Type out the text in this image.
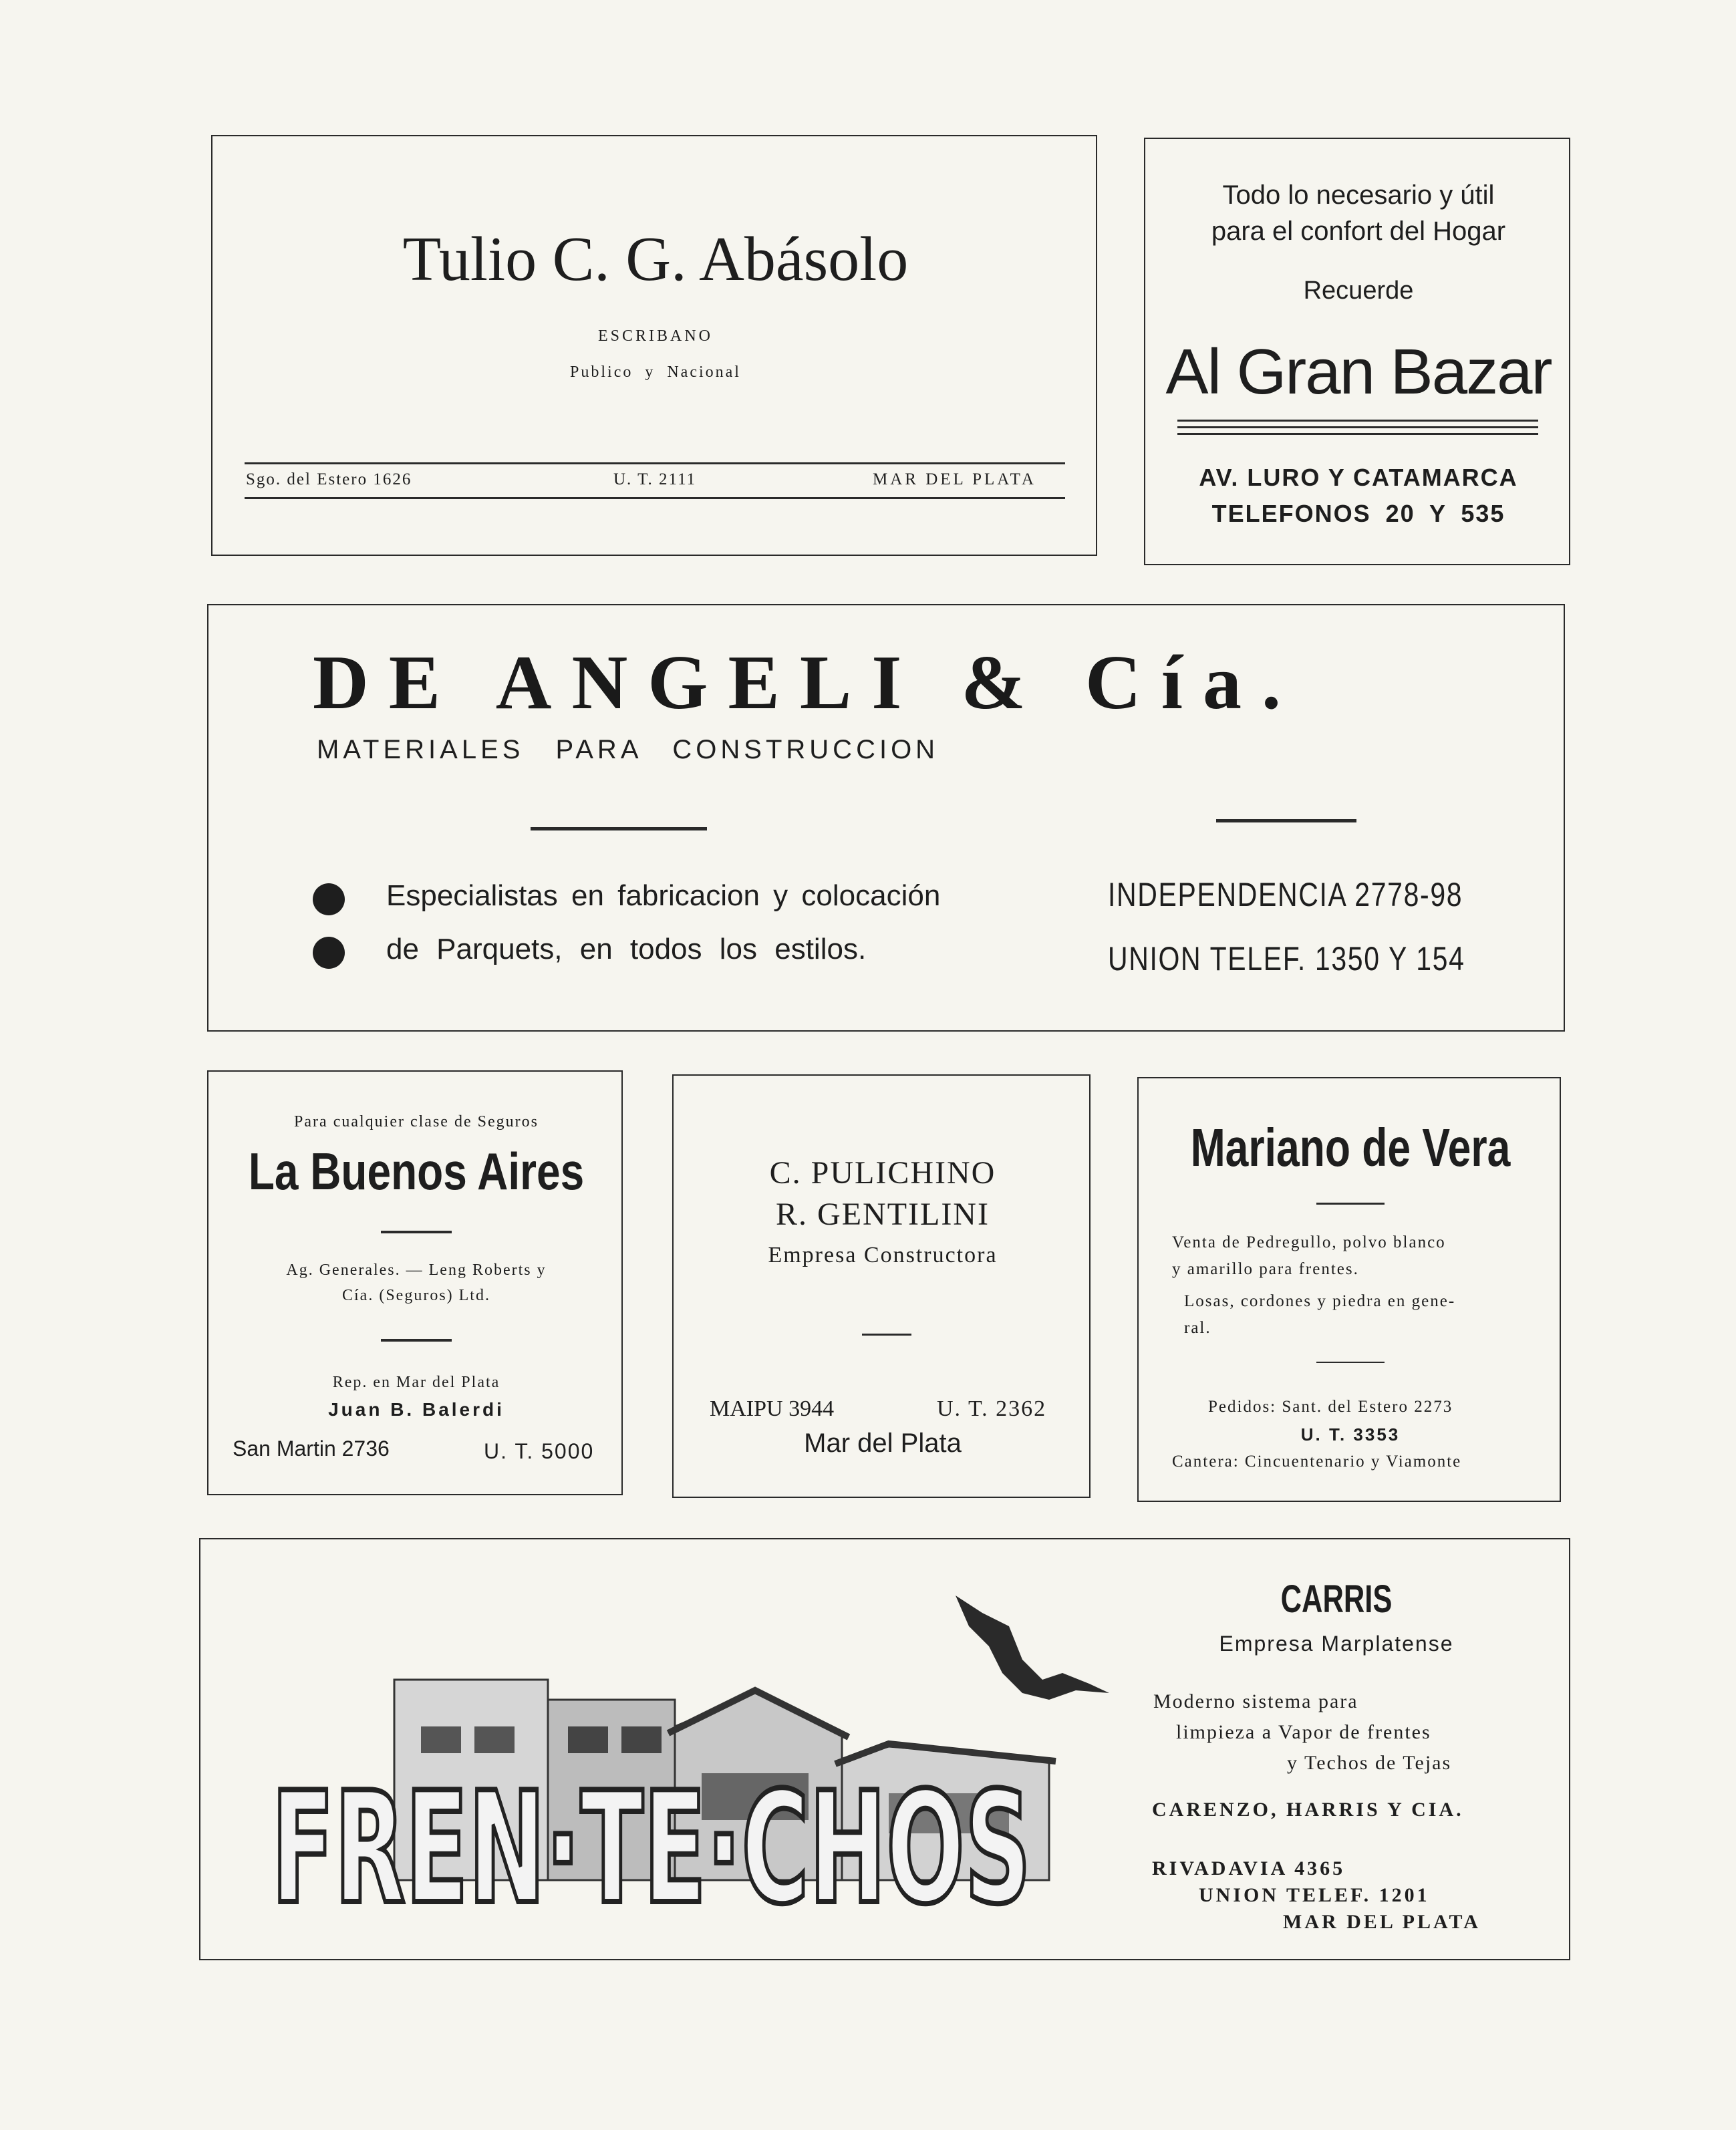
Tulio C. G. Abásolo
ESCRIBANO
Publico  y  Nacional
Sgo. del Estero 1626	U. T. 2111	MAR DEL PLATA
Todo lo necesario y útil
para el confort del Hogar
Recuerde
Al Gran Bazar
AV. LURO Y CATAMARCA
TELEFONOS 20 Y 535
DE ANGELI & Cía.
MATERIALES PARA CONSTRUCCION
Especialistas en fabricacion y colocación
de Parquets, en todos los estilos.
INDEPENDENCIA 2778-98
UNION TELEF. 1350 Y 154
Para cualquier clase de Seguros
La Buenos Aires
Ag. Generales. — Leng Roberts y
Cía. (Seguros) Ltd.
Rep. en Mar del Plata
Juan B. Balerdi
San Martin 2736	U. T. 5000
C. PULICHINO
R. GENTILINI
Empresa Constructora
MAIPU 3944	U. T. 2362
Mar del Plata
Mariano de Vera
Venta de Pedregullo, polvo blanco
y amarillo para frentes.
Losas, cordones y piedra en gene-
ral.
Pedidos: Sant. del Estero 2273
U. T. 3353
Cantera: Cincuentenario y Viamonte
FREN·TE·CHOS
CARRIS
Empresa Marplatense
Moderno sistema para
limpieza a Vapor de frentes
y Techos de Tejas
CARENZO, HARRIS Y CIA.
RIVADAVIA 4365
UNION TELEF. 1201
MAR DEL PLATA
